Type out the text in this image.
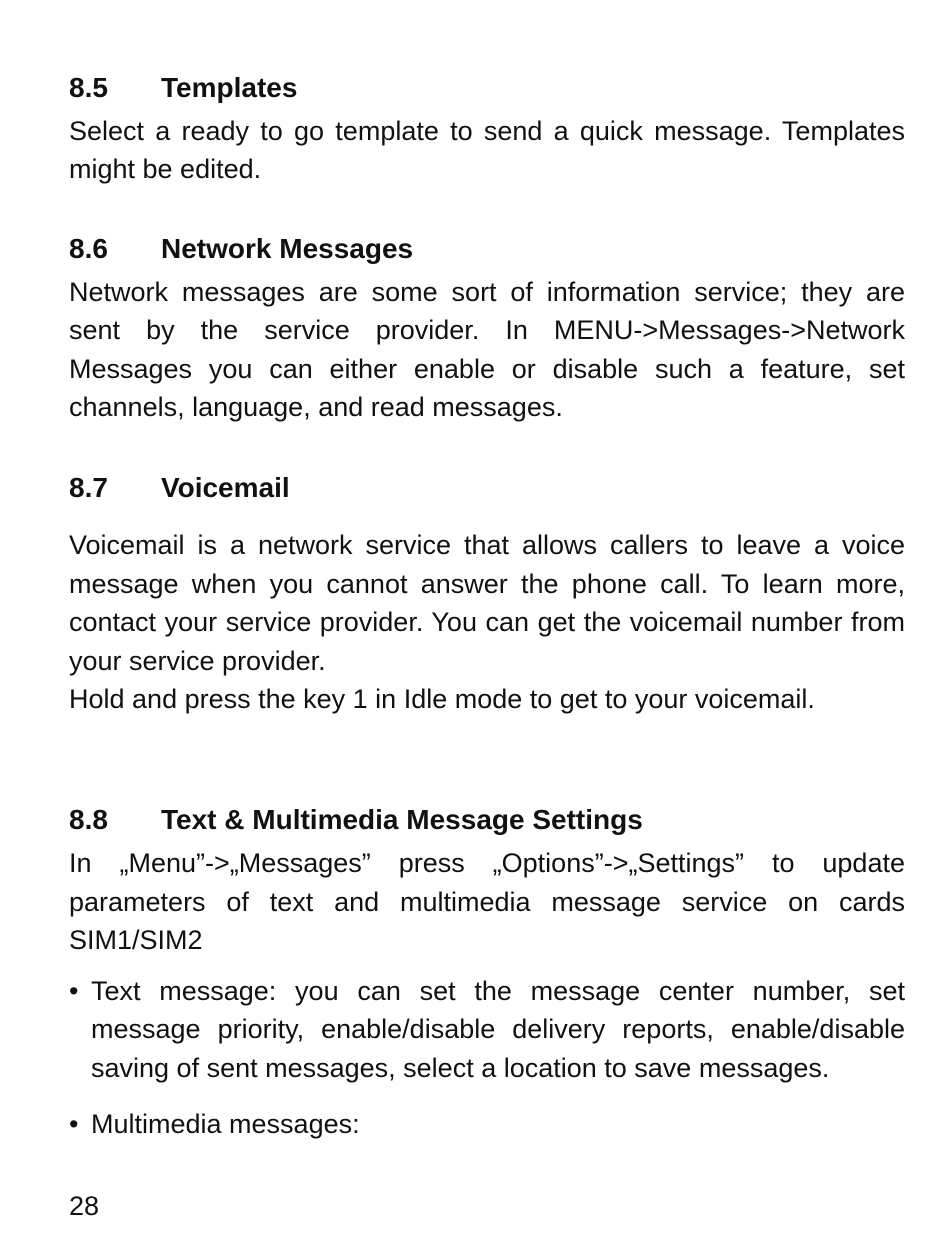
8.5	Templates

Select a ready to go template to send a quick message. Templates might be edited.

8.6	Network Messages

Network messages are some sort of information service; they are sent by the service provider. In MENU->Messages->Network Messages you can either enable or disable such a feature, set channels, language, and read messages.

8.7	Voicemail

Voicemail is a network service that allows callers to leave a voice message when you cannot answer the phone call. To learn more, contact your service provider. You can get the voicemail number from your service provider.

Hold and press the key 1 in Idle mode to get to your voicemail.

8.8	Text & Multimedia Message Settings

In „Menu”->„Messages” press „Options”->„Settings” to update parameters of text and multimedia message service on cards SIM1/SIM2

• Text message: you can set the message center number, set message priority, enable/disable delivery reports, enable/disable saving of sent messages, select a location to save messages.
• Multimedia messages:
28
